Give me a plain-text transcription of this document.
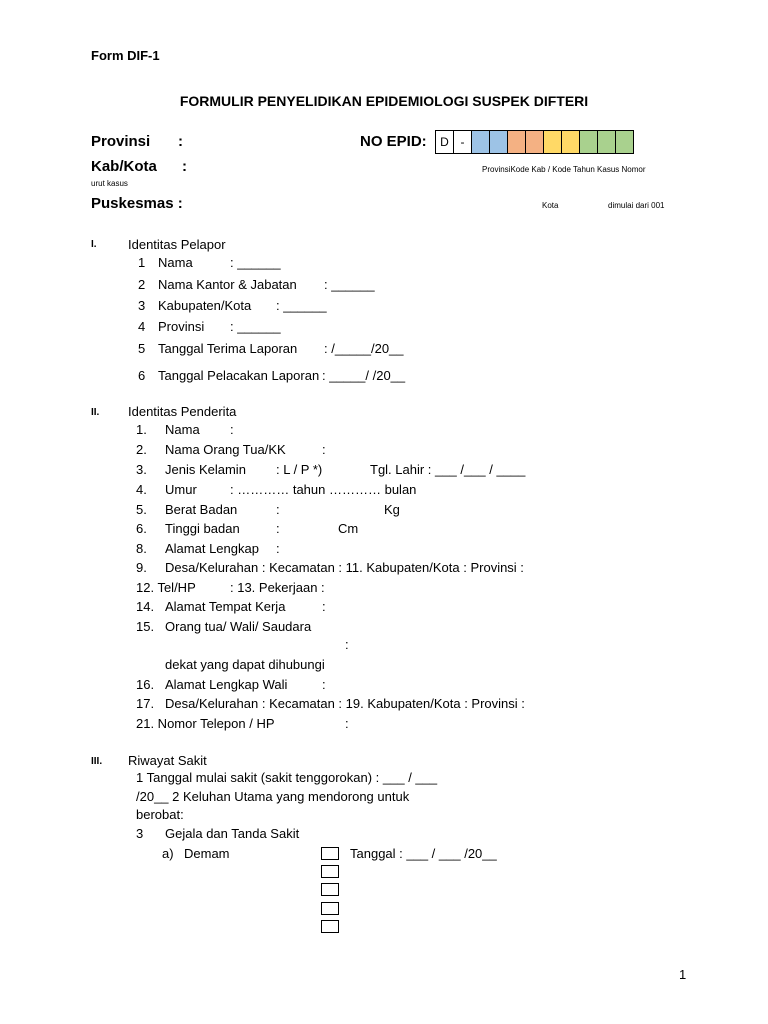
Form DIF-1
FORMULIR PENYELIDIKAN EPIDEMIOLOGI SUSPEK DIFTERI
Provinsi :
Kab/Kota :
urut kasus
Puskesmas :
NO EPID:	D -
ProvinsiKode Kab / Kode Tahun Kasus Nomor
Kota	dimulai dari 001
I. Identitas Pelapor
1 Nama	: ______
2 Nama Kantor & Jabatan : ______
3 Kabupaten/Kota : ______
4 Provinsi : ______
5 Tanggal Terima Laporan : /_____/20__
6 Tanggal Pelacakan Laporan : _____/ /20__
II. Identitas Penderita
1. Nama :
2. Nama Orang Tua/KK	:
3. Jenis Kelamin : L / P *)	Tgl. Lahir : ___ /___ / ____
4. Umur	: ………… tahun ………… bulan
5. Berat Badan	:	Kg
6. Tinggi badan	:	Cm
8. Alamat Lengkap :
9. Desa/Kelurahan : Kecamatan : 11. Kabupaten/Kota : Provinsi :
12. Tel/HP	: 13. Pekerjaan :
14. Alamat Tempat Kerja	:
15. Orang tua/ Wali/ Saudara
:
dekat yang dapat dihubungi
16. Alamat Lengkap Wali	:
17. Desa/Kelurahan : Kecamatan : 19. Kabupaten/Kota : Provinsi :
21. Nomor Telepon / HP	:
III. Riwayat Sakit
1 Tanggal mulai sakit (sakit tenggorokan) : ___ / ___
/20__ 2 Keluhan Utama yang mendorong untuk
berobat:
3 Gejala dan Tanda Sakit
a) Demam	Tanggal : ___ / ___ /20__
1
